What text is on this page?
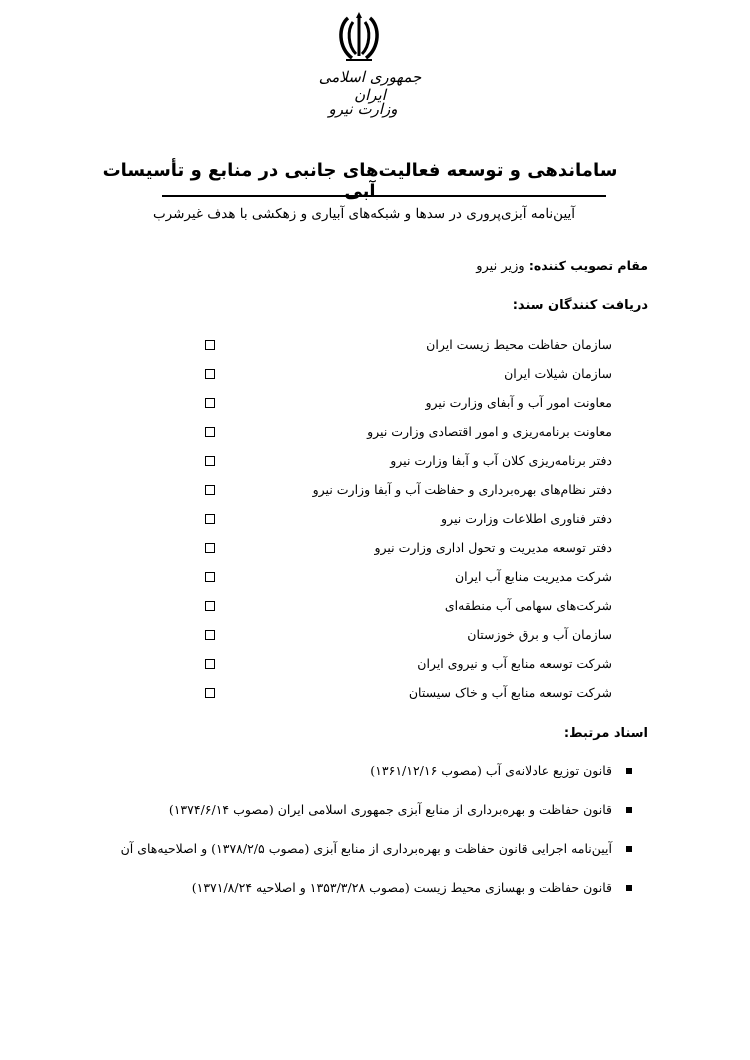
جمهوری اسلامی ایران
وزارت نیرو
ساماندهی و توسعه فعالیت‌های جانبی در منابع و تأسیسات آبی
آیین‌نامه آبزی‌پروری در سدها و شبکه‌های آبیاری و زهکشی با هدف غیرشرب
مقام تصویب کننده: وزیر نیرو
دریافت کنندگان سند:
سازمان حفاظت محیط زیست ایران
سازمان شیلات ایران
معاونت امور آب و آبفای وزارت نیرو
معاونت برنامه‌ریزی و امور اقتصادی وزارت نیرو
دفتر برنامه‌ریزی کلان آب و آبفا وزارت نیرو
دفتر نظام‌های بهره‌برداری و حفاظت آب و آبفا وزارت نیرو
دفتر فناوری اطلاعات وزارت نیرو
دفتر توسعه مدیریت و تحول اداری وزارت نیرو
شرکت مدیریت منابع آب ایران
شرکت‌های سهامی آب منطقه‌ای
سازمان آب و برق خوزستان
شرکت توسعه منابع آب و نیروی ایران
شرکت توسعه منابع آب و خاک سیستان
اسناد مرتبط:
قانون توزیع عادلانه‌ی آب (مصوب ۱۳۶۱/۱۲/۱۶)
قانون حفاظت و بهره‌برداری از منابع آبزی جمهوری اسلامی ایران (مصوب ۱۳۷۴/۶/۱۴)
آیین‌نامه اجرایی قانون حفاظت و بهره‌برداری از منابع آبزی (مصوب ۱۳۷۸/۲/۵) و اصلاحیه‌های آن
قانون حفاظت و بهسازی محیط زیست (مصوب ۱۳۵۳/۳/۲۸ و اصلاحیه ۱۳۷۱/۸/۲۴)
